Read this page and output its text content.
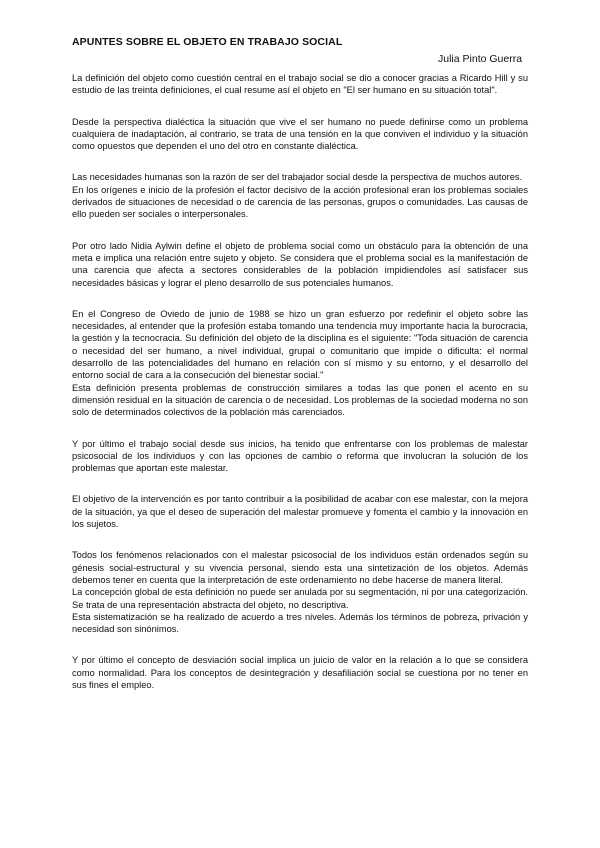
APUNTES SOBRE EL OBJETO EN TRABAJO SOCIAL
Julia Pinto Guerra

La definición del objeto como cuestión central en el trabajo social se dio a conocer gracias a Ricardo Hill y su estudio de las treinta definiciones, el cual resume así el objeto en "El ser humano en su situación total".

Desde la perspectiva dialéctica la situación que vive el ser humano no puede definirse como un problema cualquiera de inadaptación, al contrario, se trata de una tensión en la que conviven el individuo y la situación como opuestos que dependen el uno del otro en constante dialéctica.

Las necesidades humanas son la razón de ser del trabajador social desde la perspectiva de muchos autores.

En los orígenes e inicio de la profesión el factor decisivo de la acción profesional eran los problemas sociales derivados de situaciones de necesidad o de carencia de las personas, grupos o comunidades. Las causas de ello pueden ser sociales o interpersonales.

Por otro lado Nidia Aylwin define el objeto de problema social como un obstáculo para la obtención de una meta e implica una relación entre sujeto y objeto. Se considera que el problema social es la manifestación de una carencia que afecta a sectores considerables de la población impidiendoles así satisfacer sus necesidades básicas y lograr el pleno desarrollo de sus potenciales humanos.

En el Congreso de Oviedo de junio de 1988 se hizo un gran esfuerzo por redefinir el objeto sobre las necesidades, al entender que la profesión estaba tomando una tendencia muy importante hacia la burocracia, la gestión y la tecnocracia. Su definición del objeto de la disciplina es el siguiente: "Toda situación de carencia o necesidad del ser humano, a nivel individual, grupal o comunitario que impide o dificulta: el normal desarrollo de las potencialidades del humano en relación con sí mismo y su entorno, y el desarrollo del entorno social de cara a la consecución del bienestar social."

Esta definición presenta problemas de construcción similares a todas las que ponen el acento en su dimensión residual en la situación de carencia o de necesidad. Los problemas de la sociedad moderna no son solo de determinados colectivos de la población más carenciados.

Y por último el trabajo social desde sus inicios, ha tenido que enfrentarse con los problemas de malestar psicosocial de los individuos y con las opciones de cambio o reforma que involucran la solución de los problemas que aportan este malestar.

El objetivo de la intervención es por tanto contribuir a la posibilidad de acabar con ese malestar, con la mejora de la situación, ya que el deseo de superación del malestar promueve y fomenta el cambio y la innovación en los sujetos.

Todos los fenómenos relacionados con el malestar psicosocial de los individuos están ordenados según su génesis social-estructural y su vivencia personal, siendo esta una sintetización de los objetos. Además debemos tener en cuenta que la interpretación de este ordenamiento no debe hacerse de manera literal.

La concepción global de esta definición no puede ser anulada por su segmentación, ni por una categorización. Se trata de una representación abstracta del objeto, no descriptiva.

Esta sistematización se ha realizado de acuerdo a tres niveles. Además los términos de pobreza, privación y necesidad son sinónimos.

Y por último el concepto de desviación social implica un juicio de valor en la relación a lo que se considera como normalidad. Para los conceptos de desintegración y desafiliación social se cuestiona por no tener en sus fines el empleo.
